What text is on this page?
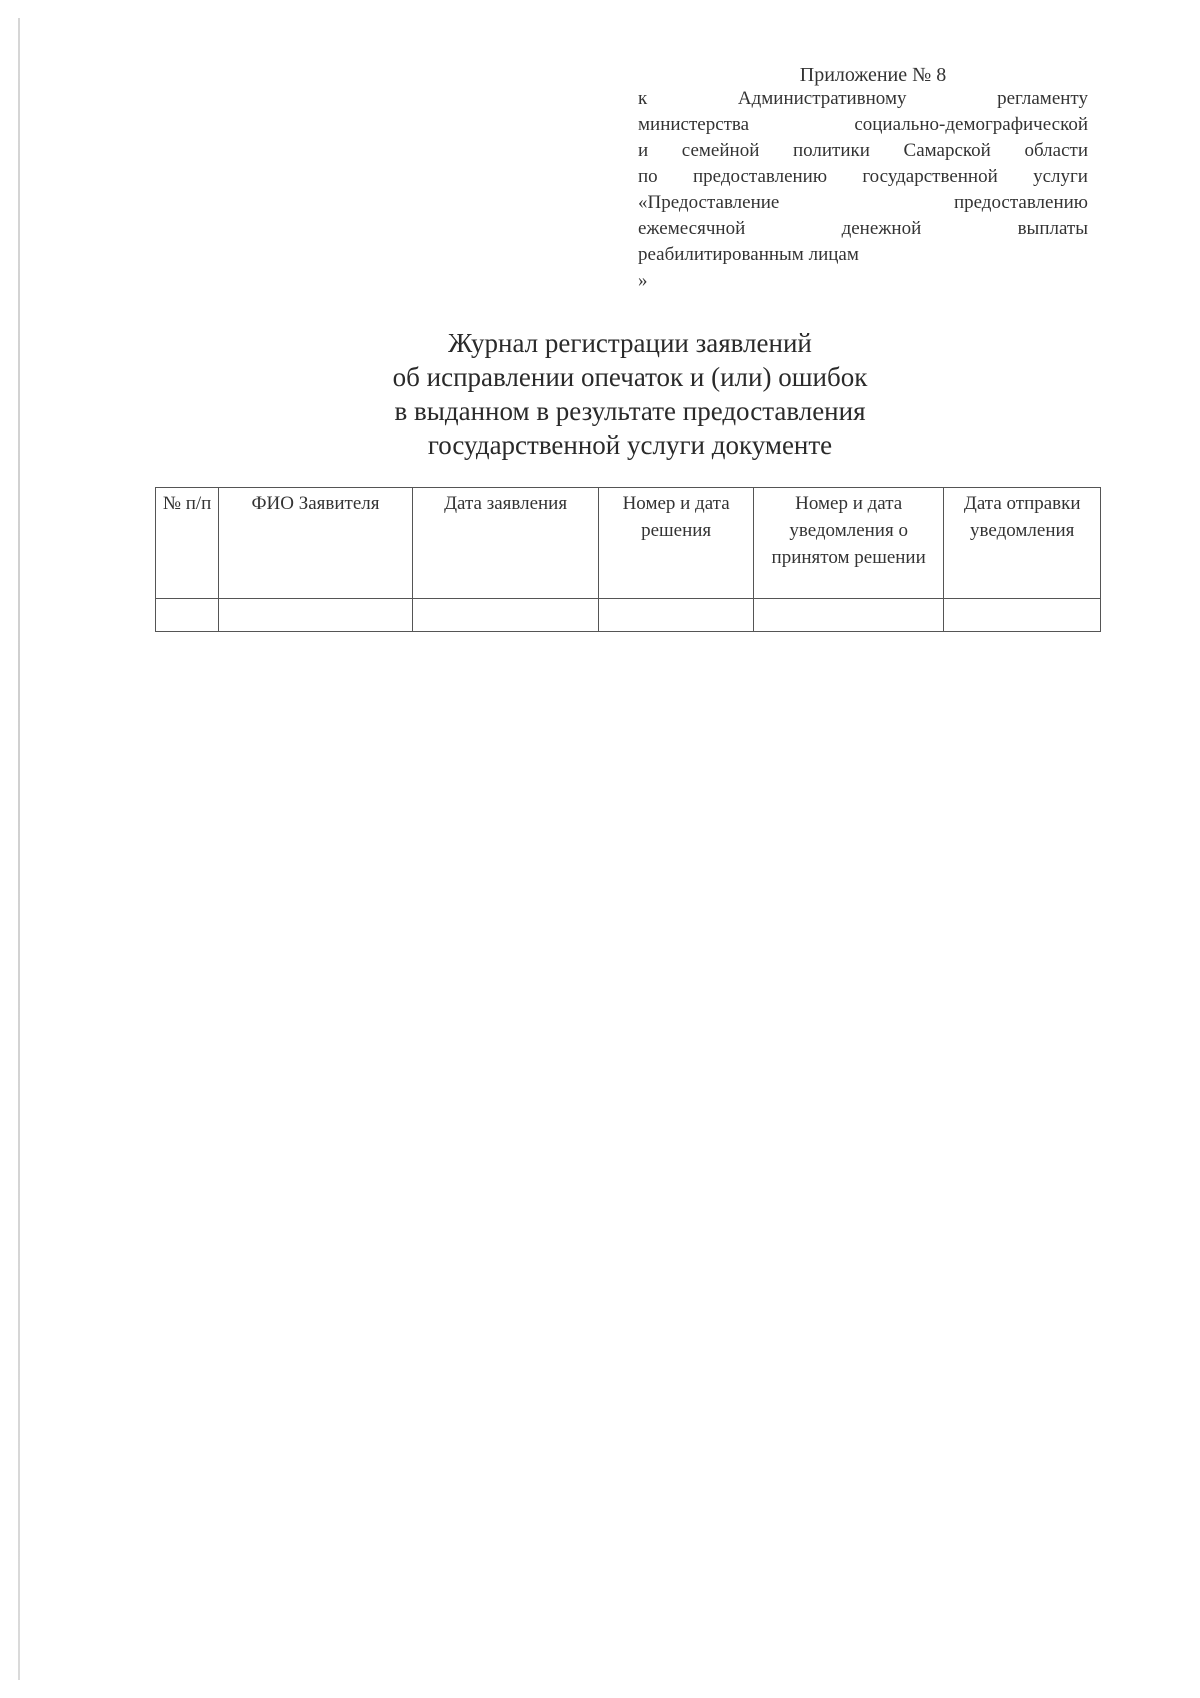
Приложение № 8
к	Административному	регламенту
министерства	социально-демографической
и семейной политики Самарской области
по предоставлению государственной услуги
«Предоставление	предоставлению
ежемесячной	денежной	выплаты
реабилитированным лицам
»
Журнал регистрации заявлений
об исправлении опечаток и (или) ошибок
в выданном в результате предоставления
государственной услуги документе
№ п/п	ФИО Заявителя	Дата заявления	Номер и дата решения	Номер и дата уведомления о принятом решении	Дата отправки уведомления
